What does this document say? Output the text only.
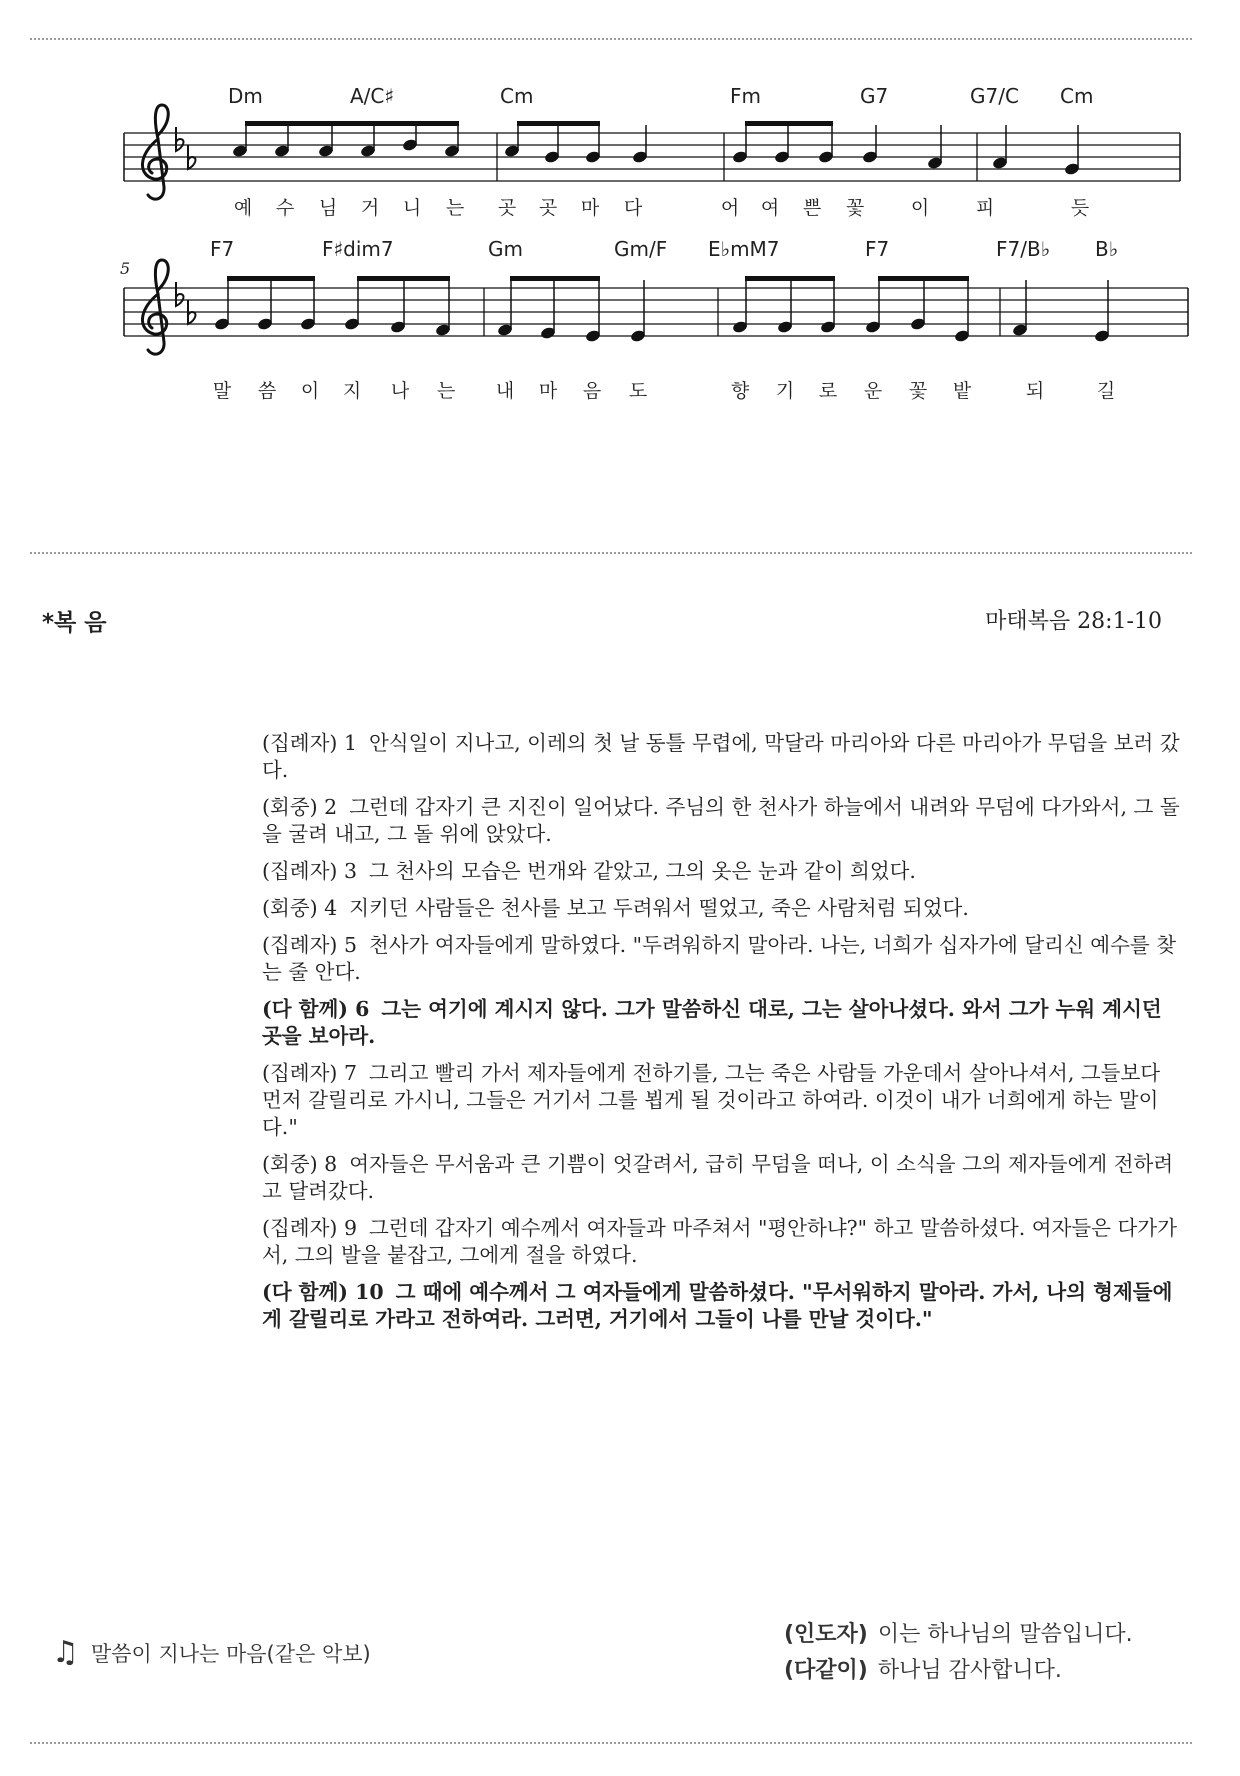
Dm	A/C♯	Cm	Fm	G7	G7/C Cm
예 수 님 거 니 는 곳 곳 마 다	어 여 쁜 꽃 이 피	듯
F7	F♯dim7	Gm	Gm/F E♭mM7	F7	F7/B♭ B♭
말 씀 이 지 나 는 내 마 음 도	향 기 로 운 꽃 밭	되	길
5
*복 음	마태복음 28:1-10

(집례자) 1 안식일이 지나고, 이레의 첫 날 동틀 무렵에, 막달라 마리아와 다른 마리아가 무덤을 보러 갔다.

(회중) 2 그런데 갑자기 큰 지진이 일어났다. 주님의 한 천사가 하늘에서 내려와 무덤에 다가와서, 그 돌을 굴려 내고, 그 돌 위에 앉았다.

(집례자) 3 그 천사의 모습은 번개와 같았고, 그의 옷은 눈과 같이 희었다.

(회중) 4 지키던 사람들은 천사를 보고 두려워서 떨었고, 죽은 사람처럼 되었다.

(집례자) 5 천사가 여자들에게 말하였다. "두려워하지 말아라. 나는, 너희가 십자가에 달리신 예수를 찾는 줄 안다.

(다 함께) 6 그는 여기에 계시지 않다. 그가 말씀하신 대로, 그는 살아나셨다. 와서 그가 누워 계시던 곳을 보아라.

(집례자) 7 그리고 빨리 가서 제자들에게 전하기를, 그는 죽은 사람들 가운데서 살아나셔서, 그들보다 먼저 갈릴리로 가시니, 그들은 거기서 그를 뵙게 될 것이라고 하여라. 이것이 내가 너희에게 하는 말이다."

(회중) 8 여자들은 무서움과 큰 기쁨이 엇갈려서, 급히 무덤을 떠나, 이 소식을 그의 제자들에게 전하려고 달려갔다.

(집례자) 9 그런데 갑자기 예수께서 여자들과 마주쳐서 "평안하냐?" 하고 말씀하셨다. 여자들은 다가가서, 그의 발을 붙잡고, 그에게 절을 하였다.

(다 함께) 10 그 때에 예수께서 그 여자들에게 말씀하셨다. "무서워하지 말아라. 가서, 나의 형제들에게 갈릴리로 가라고 전하여라. 그러면, 거기에서 그들이 나를 만날 것이다."

♫ 말씀이 지나는 마음(같은 악보)
(인도자) 이는 하나님의 말씀입니다.
(다같이) 하나님 감사합니다.
